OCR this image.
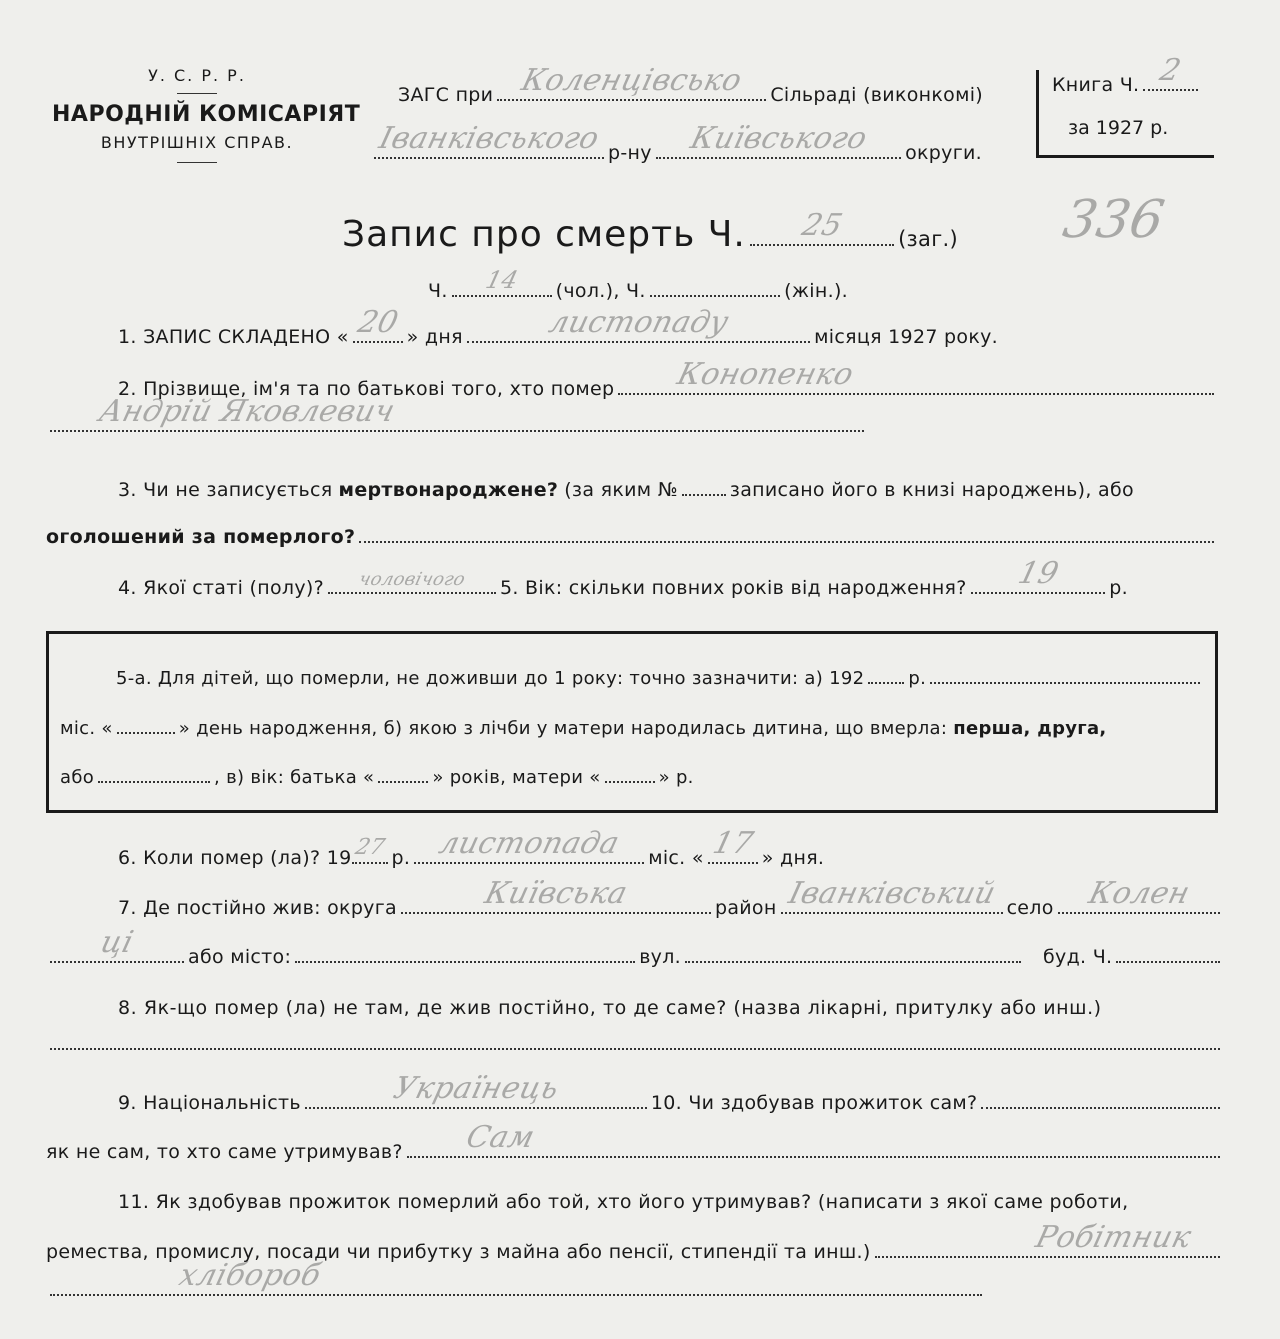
336
У. С. Р. Р.
НАРОДНІЙ КОМІСАРІЯТ
ВНУТРІШНІХ СПРАВ.
ЗАГС при Коленцівсько	Сільраді (виконкомі)
Іванківського р-ну	Київського	округи.
Книга Ч. 2
за 1927 р.
Запис про смерть Ч.	25	(заг.)
Ч.	14	(чол.), Ч.	(жін.).
1. ЗАПИС СКЛАДЕНО « 20 » дня	листопаду	місяця 1927 року.
2. Прізвище, ім'я та по батькові того, хто помер	Конопенко
Андрій Яковлевич
3. Чи не записується мертвонароджене? (за яким №	записано його в книзі народжень), або
оголошений за померлого?
4. Якої статі (полу)?	чоловічого	5. Вік: скільки повних років від народження?	19	р.
5-а. Для дітей, що померли, не доживши до 1 року: точно зазначити: а) 192 р.
міс. «	» день народження, б) якою з лічби у матери народилась дитина, що вмерла: перша, друга,
або	, в) вік: батька «	» років, матери «	» р.
6. Коли помер (ла)? 19 27 р. листопада	міс. « 17 » дня.
7. Де постійно жив: округа	Київська	район Іванківський село	Колен
ці	або місто:	вул.	буд. Ч.
8. Як-що помер (ла) не там, де жив постійно, то де саме? (назва лікарні, притулку або инш.)
9. Національність	Українець	10. Чи здобував прожиток сам?
як не сам, то хто саме утримував?	Сам
11. Як здобував прожиток померлий або той, хто його утримував? (написати з якої саме роботи,
ремества, промислу, посади чи прибутку з майна або пенсії, стипендії та инш.)	Робітник
хлібороб
